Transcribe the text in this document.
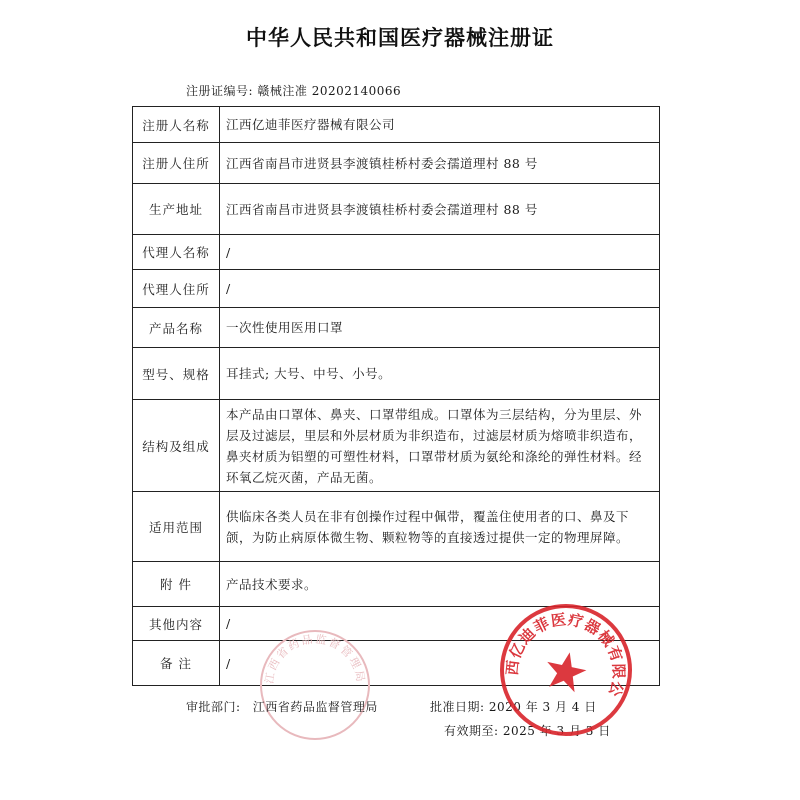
中华人民共和国医疗器械注册证
注册证编号: 赣械注准 20202140066
注册人名称	江西亿迪菲医疗器械有限公司
注册人住所	江西省南昌市进贤县李渡镇桂桥村委会孺道理村 88 号
生产地址	江西省南昌市进贤县李渡镇桂桥村委会孺道理村 88 号
代理人名称	/
代理人住所	/
产品名称	一次性使用医用口罩
型号、规格	耳挂式; 大号、中号、小号。
结构及组成	本产品由口罩体、鼻夹、口罩带组成。口罩体为三层结构，分为里层、外层及过滤层，里层和外层材质为非织造布，过滤层材质为熔喷非织造布，鼻夹材质为铝塑的可塑性材料，口罩带材质为氨纶和涤纶的弹性材料。经环氧乙烷灭菌，产品无菌。
适用范围	供临床各类人员在非有创操作过程中佩带，覆盖住使用者的口、鼻及下颌，为防止病原体微生物、颗粒物等的直接透过提供一定的物理屏障。
附 件	产品技术要求。
其他内容	/
备 注	/
江西省药品监督管理局
审批部门: 江西省药品监督管理局	批准日期: 2020 年 3 月 4 日
有效期至: 2025 年 3 月 3 日
江西亿迪菲医疗器械有限公司
